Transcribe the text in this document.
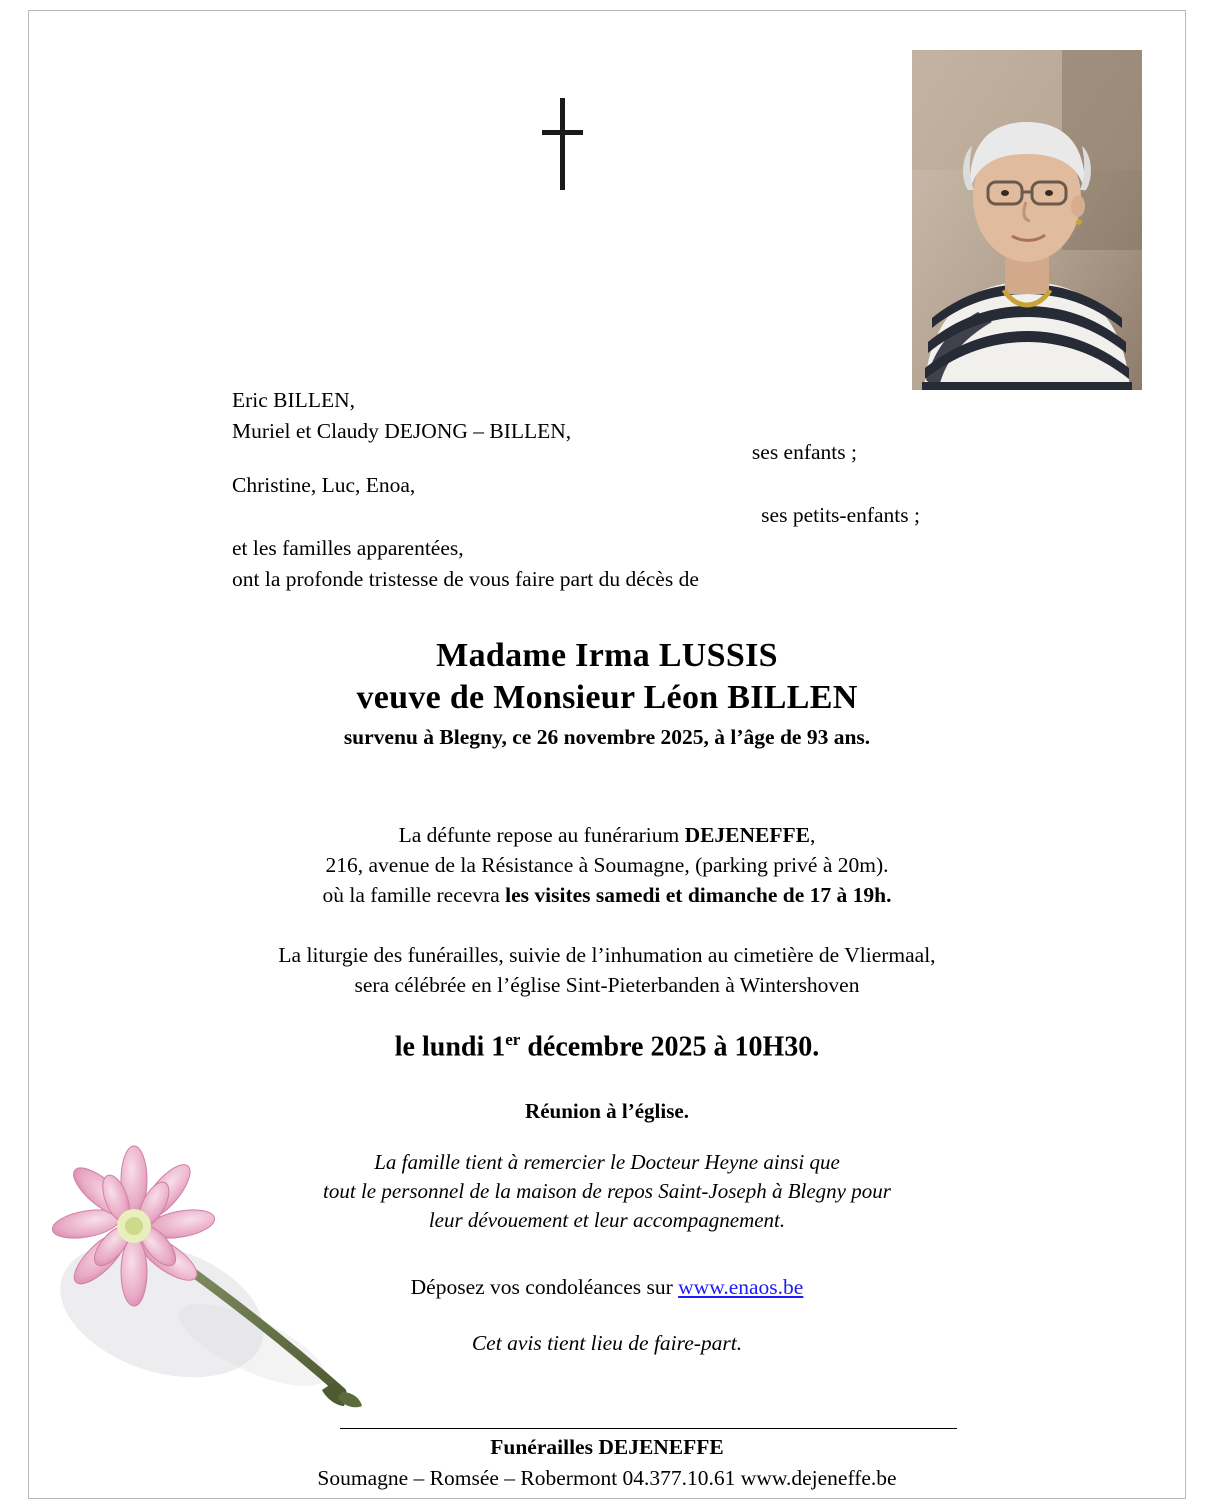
Eric BILLEN,
Muriel et Claudy DEJONG – BILLEN,
ses enfants ;
Christine, Luc, Enoa,
ses petits-enfants ;
et les familles apparentées,
ont la profonde tristesse de vous faire part du décès de
Madame Irma LUSSIS
veuve de Monsieur Léon BILLEN
survenu à Blegny, ce 26 novembre 2025, à l’âge de 93 ans.
La défunte repose au funérarium DEJENEFFE,
216, avenue de la Résistance à Soumagne, (parking privé à 20m).
où la famille recevra les visites samedi et dimanche de 17 à 19h.
La liturgie des funérailles, suivie de l’inhumation au cimetière de Vliermaal,
sera célébrée en l’église Sint-Pieterbanden à Wintershoven
le lundi 1er décembre 2025 à 10H30.
Réunion à l’église.
La famille tient à remercier le Docteur Heyne ainsi que
tout le personnel de la maison de repos Saint-Joseph à Blegny pour
leur dévouement et leur accompagnement.
Déposez vos condoléances sur www.enaos.be
Cet avis tient lieu de faire-part.
Funérailles DEJENEFFE
Soumagne – Romsée – Robermont 04.377.10.61 www.dejeneffe.be
